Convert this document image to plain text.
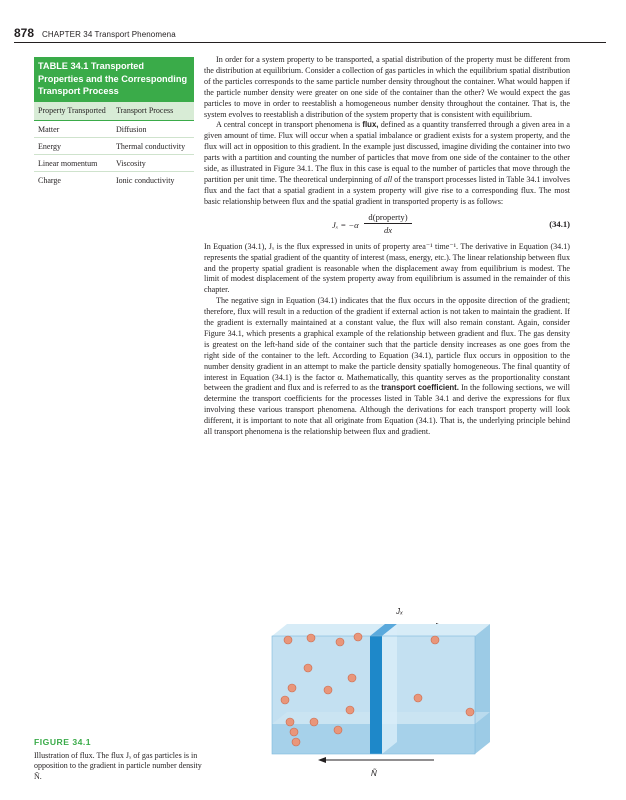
878 CHAPTER 34 Transport Phenomena
TABLE 34.1 Transported Properties and the Corresponding Transport Process
Property Transported	Transport Process
Matter	Diffusion
Energy	Thermal conductivity
Linear momentum	Viscosity
Charge	Ionic conductivity

In order for a system property to be transported, a spatial distribution of the property must be different from the distribution at equilibrium. Consider a collection of gas particles in which the equilibrium spatial distribution of the particles corresponds to the same particle number density throughout the container. What would happen if the particle number density were greater on one side of the container than the other? We would expect the gas particles to move in order to reestablish a homogeneous number density throughout the container. That is, the system evolves to reestablish a distribution of the system property that is consistent with equilibrium.

A central concept in transport phenomena is flux, defined as a quantity transferred through a given area in a given amount of time. Flux will occur when a spatial imbalance or gradient exists for a system property, and the flux will act in opposition to this gradient. In the example just discussed, imagine dividing the container into two parts with a partition and counting the number of particles that move from one side of the container to the other side, as illustrated in Figure 34.1. The flux in this case is equal to the number of particles that move through the partition per unit time. The theoretical underpinning of all of the transport processes listed in Table 34.1 involves flux and the fact that a spatial gradient in a system property will give rise to a corresponding flux. The most basic relationship between flux and the spatial gradient in transported property is as follows:

Jₓ = −α
d(property)
dx
(34.1)

In Equation (34.1), Jₓ is the flux expressed in units of property area⁻¹ time⁻¹. The derivative in Equation (34.1) represents the spatial gradient of the quantity of interest (mass, energy, etc.). The linear relationship between flux and the property spatial gradient is reasonable when the displacement away from equilibrium is modest. The limit of modest displacement of the system property away from equilibrium is assumed in the remainder of this chapter.

The negative sign in Equation (34.1) indicates that the flux occurs in the opposite direction of the gradient; therefore, flux will result in a reduction of the gradient if external action is not taken to maintain the gradient. If the gradient is externally maintained at a constant value, the flux will also remain constant. Again, consider Figure 34.1, which presents a graphical example of the relationship between gradient and flux. The gas density is greatest on the left-hand side of the container such that the particle density increases as one goes from the right side of the container to the left. According to Equation (34.1), particle flux occurs in opposition to the number density gradient in an attempt to make the particle density spatially homogeneous. The final quantity of interest in Equation (34.1) is the factor α. Mathematically, this quantity serves as the proportionality constant between the gradient and flux and is referred to as the transport coefficient. In the following sections, we will determine the transport coefficients for the processes listed in Table 34.1 and derive the expressions for flux involving these various transport phenomena. Although the derivations for each transport property will look different, it is important to note that all originate from Equation (34.1). That is, the underlying principle behind all transport phenomena is the relationship between flux and gradient.

Jₓ
Ñ
FIGURE 34.1
Illustration of flux. The flux Jₓ of gas particles is in opposition to the gradient in particle number density Ñ.
